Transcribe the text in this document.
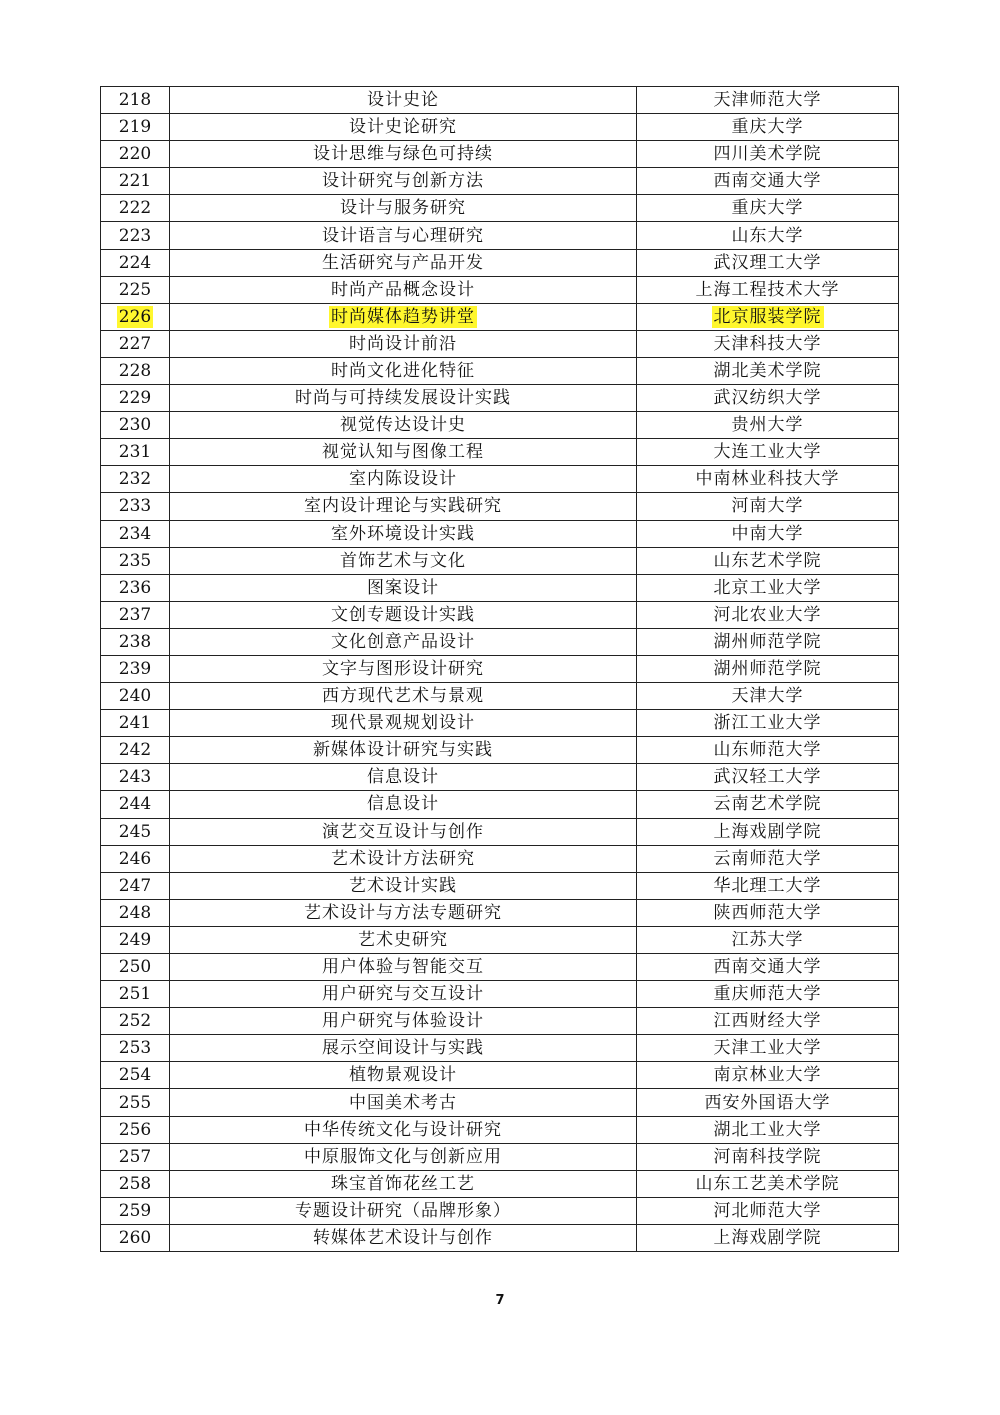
218	设计史论	天津师范大学
219	设计史论研究	重庆大学
220	设计思维与绿色可持续	四川美术学院
221	设计研究与创新方法	西南交通大学
222	设计与服务研究	重庆大学
223	设计语言与心理研究	山东大学
224	生活研究与产品开发	武汉理工大学
225	时尚产品概念设计	上海工程技术大学
226	时尚媒体趋势讲堂	北京服装学院
227	时尚设计前沿	天津科技大学
228	时尚文化进化特征	湖北美术学院
229	时尚与可持续发展设计实践	武汉纺织大学
230	视觉传达设计史	贵州大学
231	视觉认知与图像工程	大连工业大学
232	室内陈设设计	中南林业科技大学
233	室内设计理论与实践研究	河南大学
234	室外环境设计实践	中南大学
235	首饰艺术与文化	山东艺术学院
236	图案设计	北京工业大学
237	文创专题设计实践	河北农业大学
238	文化创意产品设计	湖州师范学院
239	文字与图形设计研究	湖州师范学院
240	西方现代艺术与景观	天津大学
241	现代景观规划设计	浙江工业大学
242	新媒体设计研究与实践	山东师范大学
243	信息设计	武汉轻工大学
244	信息设计	云南艺术学院
245	演艺交互设计与创作	上海戏剧学院
246	艺术设计方法研究	云南师范大学
247	艺术设计实践	华北理工大学
248	艺术设计与方法专题研究	陕西师范大学
249	艺术史研究	江苏大学
250	用户体验与智能交互	西南交通大学
251	用户研究与交互设计	重庆师范大学
252	用户研究与体验设计	江西财经大学
253	展示空间设计与实践	天津工业大学
254	植物景观设计	南京林业大学
255	中国美术考古	西安外国语大学
256	中华传统文化与设计研究	湖北工业大学
257	中原服饰文化与创新应用	河南科技学院
258	珠宝首饰花丝工艺	山东工艺美术学院
259	专题设计研究（品牌形象）	河北师范大学
260	转媒体艺术设计与创作	上海戏剧学院
7
